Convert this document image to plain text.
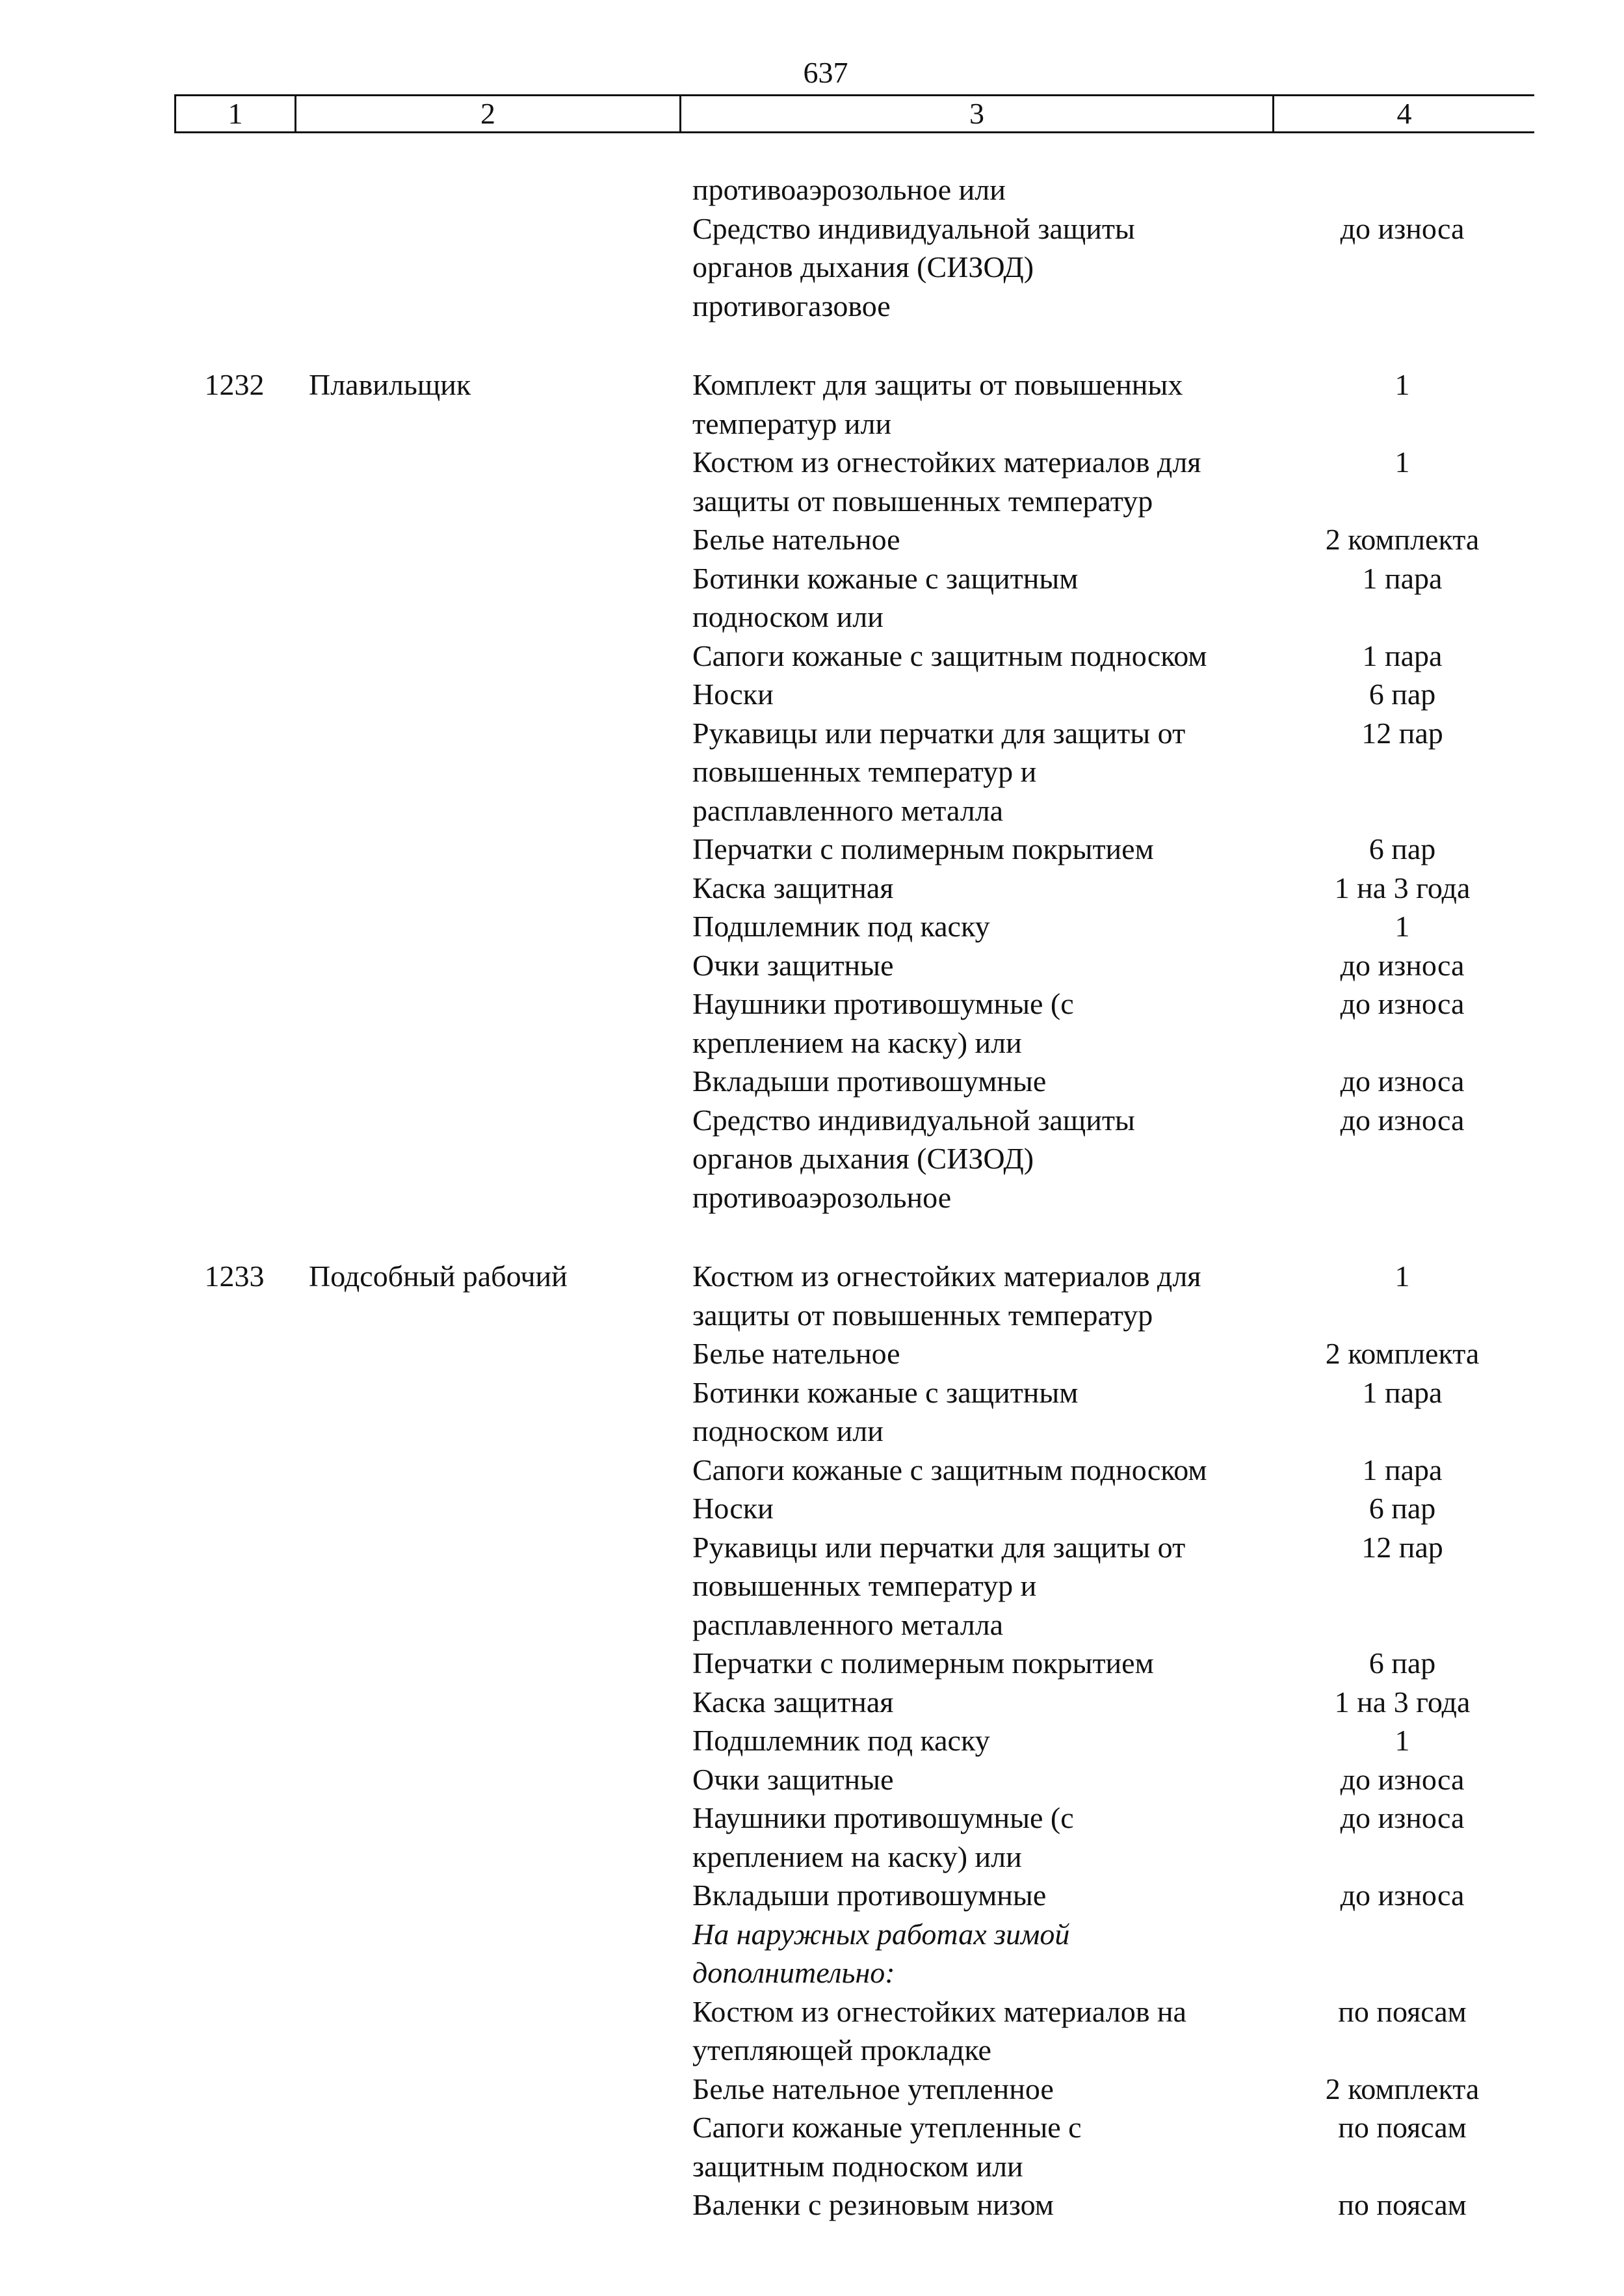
637
1	2	3	4
противоаэрозольное или
Средство индивидуальной защиты	до износа
органов дыхания (СИЗОД)
противогазовое
1232	Плавильщик	Комплект для защиты от повышенных	1
температур или
Костюм из огнестойких материалов для	1
защиты от повышенных температур
Белье нательное	2 комплекта
Ботинки кожаные с защитным	1 пара
подноском или
Сапоги кожаные с защитным подноском	1 пара
Носки	6 пар
Рукавицы или перчатки для защиты от	12 пар
повышенных температур и
расплавленного металла
Перчатки с полимерным покрытием	6 пар
Каска защитная	1 на 3 года
Подшлемник под каску	1
Очки защитные	до износа
Наушники противошумные (с	до износа
креплением на каску) или
Вкладыши противошумные	до износа
Средство индивидуальной защиты	до износа
органов дыхания (СИЗОД)
противоаэрозольное
1233	Подсобный рабочий	Костюм из огнестойких материалов для	1
защиты от повышенных температур
Белье нательное	2 комплекта
Ботинки кожаные с защитным	1 пара
подноском или
Сапоги кожаные с защитным подноском	1 пара
Носки	6 пар
Рукавицы или перчатки для защиты от	12 пар
повышенных температур и
расплавленного металла
Перчатки с полимерным покрытием	6 пар
Каска защитная	1 на 3 года
Подшлемник под каску	1
Очки защитные	до износа
Наушники противошумные (с	до износа
креплением на каску) или
Вкладыши противошумные	до износа
На наружных работах зимой
дополнительно:
Костюм из огнестойких материалов на	по поясам
утепляющей прокладке
Белье нательное утепленное	2 комплекта
Сапоги кожаные утепленные с	по поясам
защитным подноском или
Валенки с резиновым низом	по поясам
